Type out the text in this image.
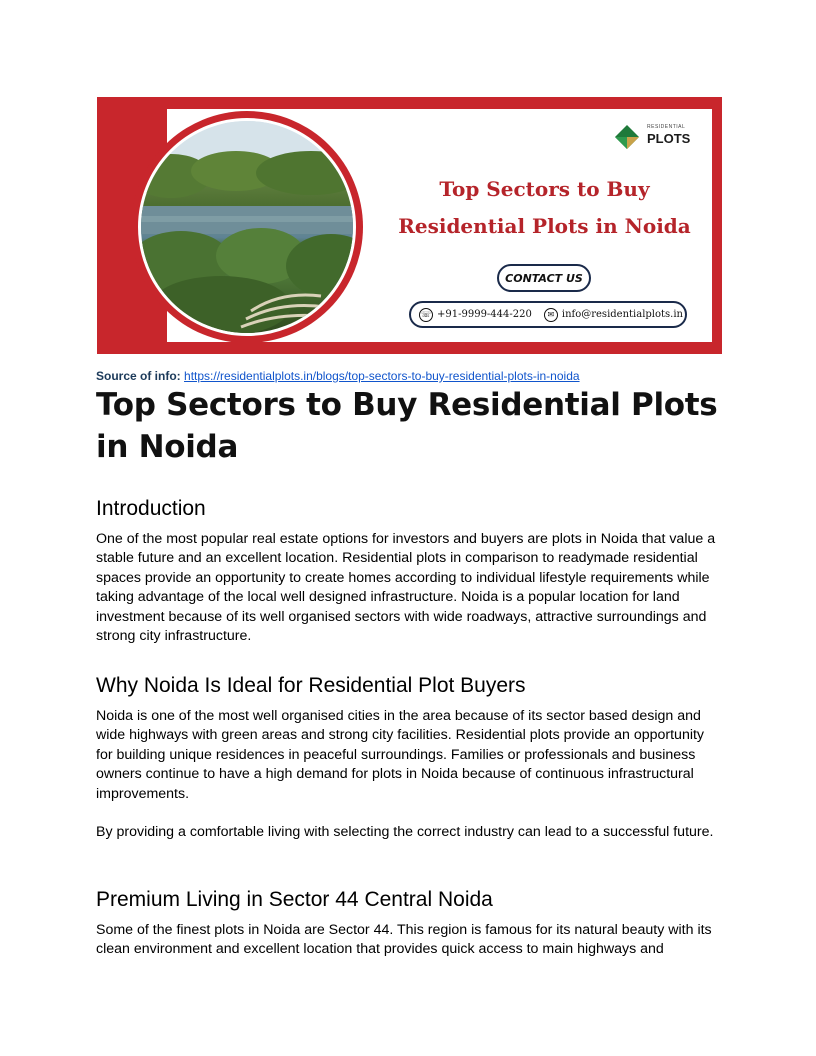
RESIDENTIAL
PLOTS
Top Sectors to Buy
Residential Plots in Noida
CONTACT US
☏ +91-9999-444-220	✉ info@residentialplots.in
Source of info: https://residentialplots.in/blogs/top-sectors-to-buy-residential-plots-in-noida
Top Sectors to Buy Residential Plots in Noida
Introduction
One of the most popular real estate options for investors and buyers are plots in Noida that value a stable future and an excellent location. Residential plots in comparison to readymade residential spaces provide an opportunity to create homes according to individual lifestyle requirements while taking advantage of the local well designed infrastructure. Noida is a popular location for land investment because of its well organised sectors with wide roadways, attractive surroundings and strong city infrastructure.
Why Noida Is Ideal for Residential Plot Buyers
Noida is one of the most well organised cities in the area because of its sector based design and wide highways with green areas and strong city facilities. Residential plots provide an opportunity for building unique residences in peaceful surroundings. Families or professionals and business owners continue to have a high demand for plots in Noida because of continuous infrastructural improvements.
By providing a comfortable living with selecting the correct industry can lead to a successful future.
Premium Living in Sector 44 Central Noida
Some of the finest plots in Noida are Sector 44. This region is famous for its natural beauty with its clean environment and excellent location that provides quick access to main highways and
